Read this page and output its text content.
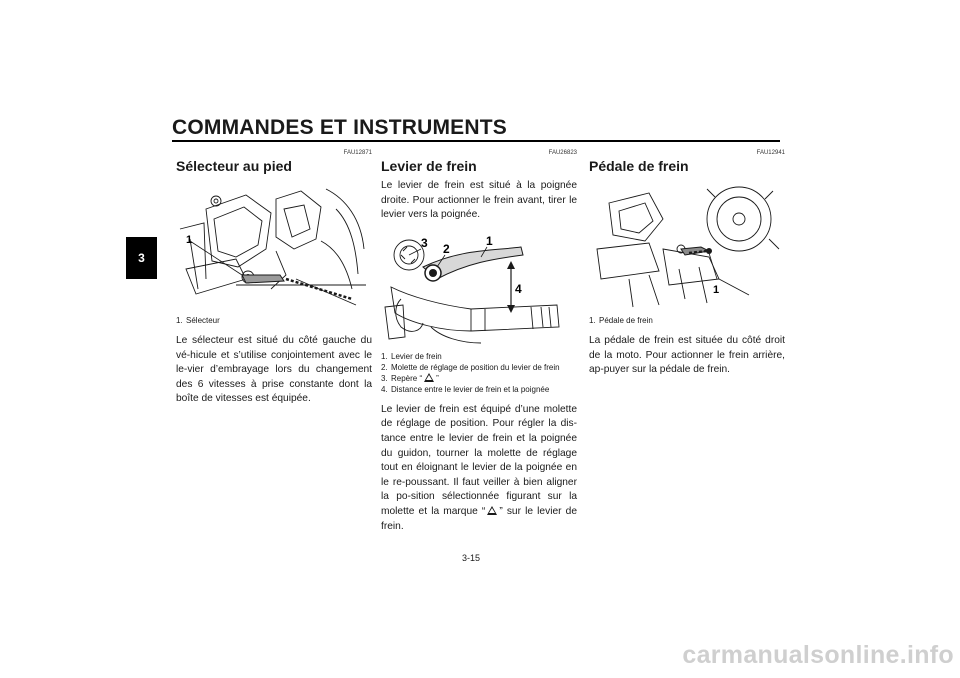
COMMANDES ET INSTRUMENTS
3
FAU12871
Sélecteur au pied
1
1. Sélecteur

Le sélecteur est situé du côté gauche du vé-hicule et s’utilise conjointement avec le le-vier d’embrayage lors du changement des 6 vitesses à prise constante dont la boîte de vitesses est équipée.

FAU26823
Levier de frein

Le levier de frein est situé à la poignée droite. Pour actionner le frein avant, tirer le levier vers la poignée.

3 2
1
4
1. Levier de frein
2. Molette de réglage de position du levier de frein
3. Repère “ ”
4. Distance entre le levier de frein et la poignée

Le levier de frein est équipé d’une molette de réglage de position. Pour régler la dis-tance entre le levier de frein et la poignée du guidon, tourner la molette de réglage tout en éloignant le levier de la poignée en le re-poussant. Il faut veiller à bien aligner la po-sition sélectionnée figurant sur la molette et la marque “ ” sur le levier de frein.

FAU12941
Pédale de frein
1
1. Pédale de frein

La pédale de frein est située du côté droit de la moto. Pour actionner le frein arrière, ap-puyer sur la pédale de frein.

3-15
carmanualsonline.info
